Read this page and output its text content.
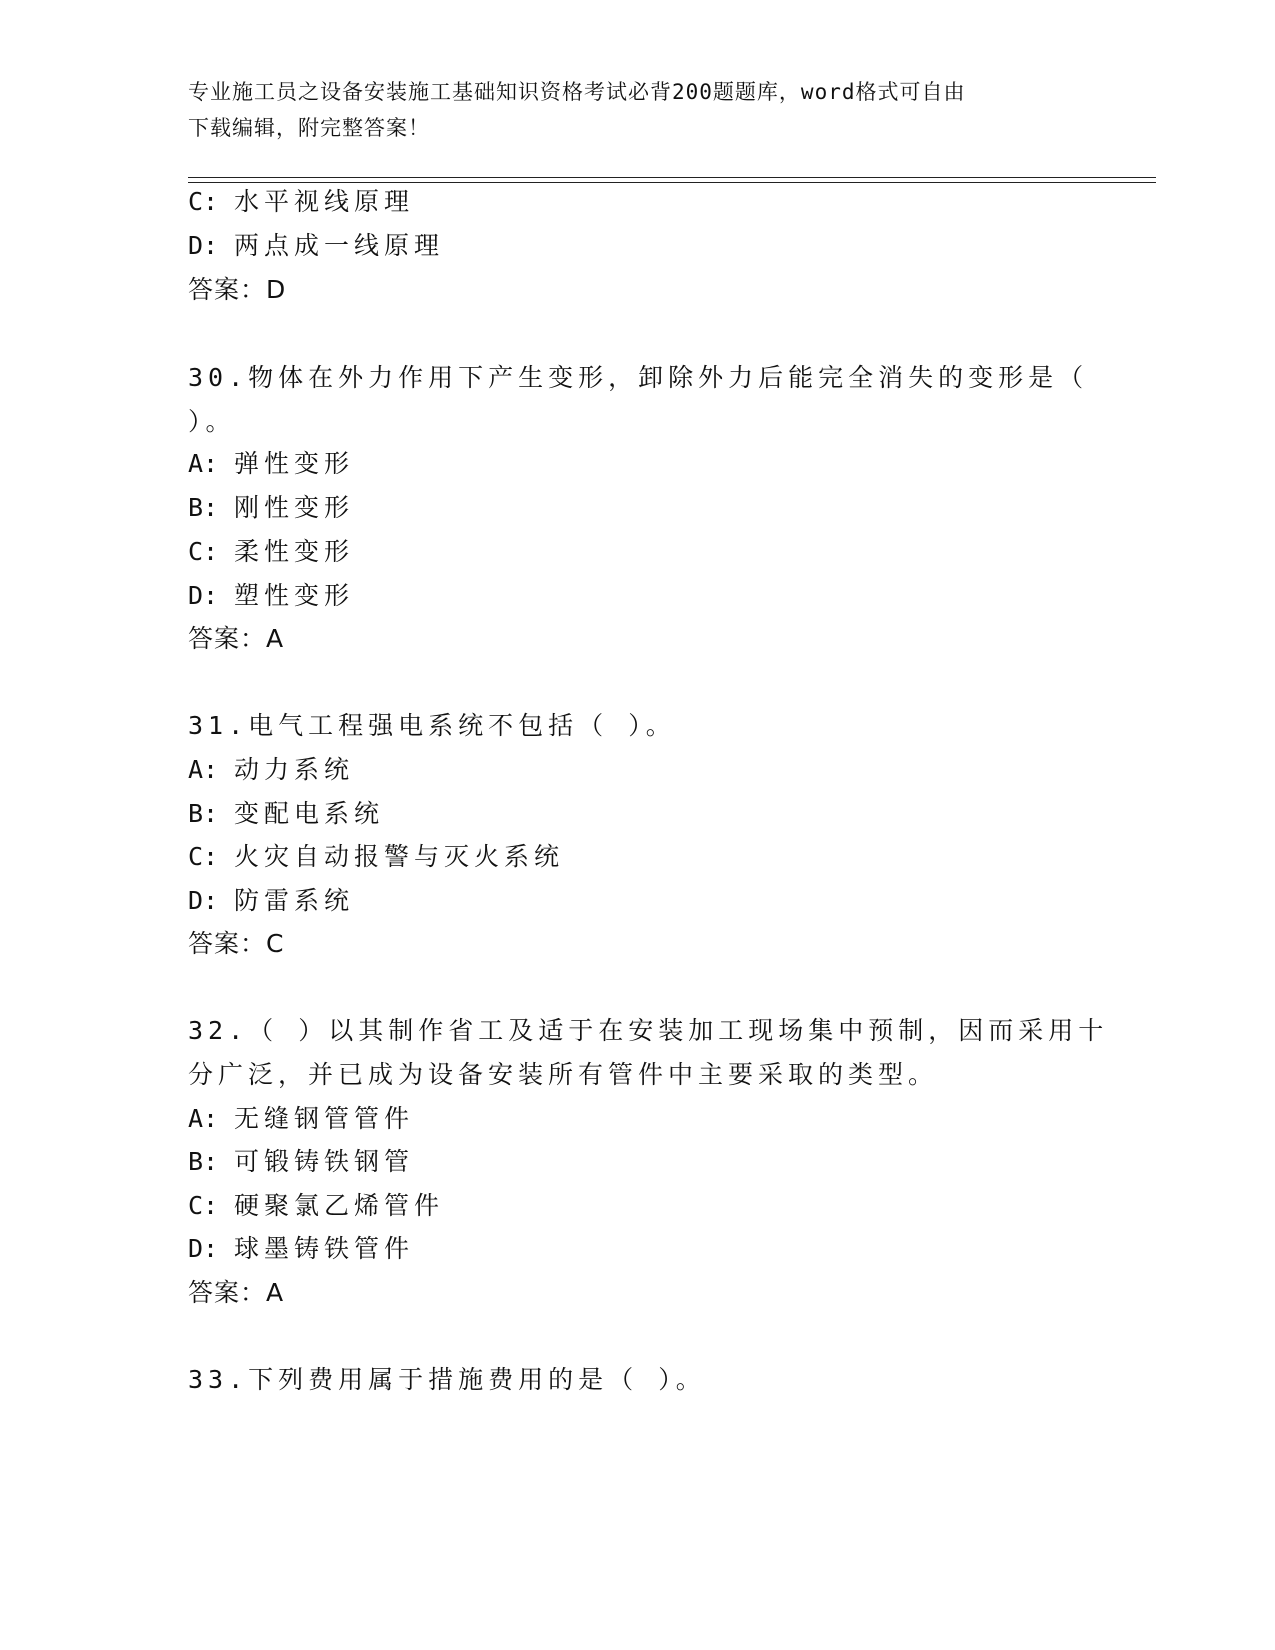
专业施工员之设备安装施工基础知识资格考试必背200题题库，word格式可自由
下载编辑，附完整答案！
C: 水平视线原理
D: 两点成一线原理
答案：D
30.物体在外力作用下产生变形，卸除外力后能完全消失的变形是（
）。
A: 弹性变形
B: 刚性变形
C: 柔性变形
D: 塑性变形
答案：A
31.电气工程强电系统不包括（ ）。
A: 动力系统
B: 变配电系统
C: 火灾自动报警与灭火系统
D: 防雷系统
答案：C
32.（ ）以其制作省工及适于在安装加工现场集中预制，因而采用十
分广泛，并已成为设备安装所有管件中主要采取的类型。
A: 无缝钢管管件
B: 可锻铸铁钢管
C: 硬聚氯乙烯管件
D: 球墨铸铁管件
答案：A
33.下列费用属于措施费用的是（ ）。
